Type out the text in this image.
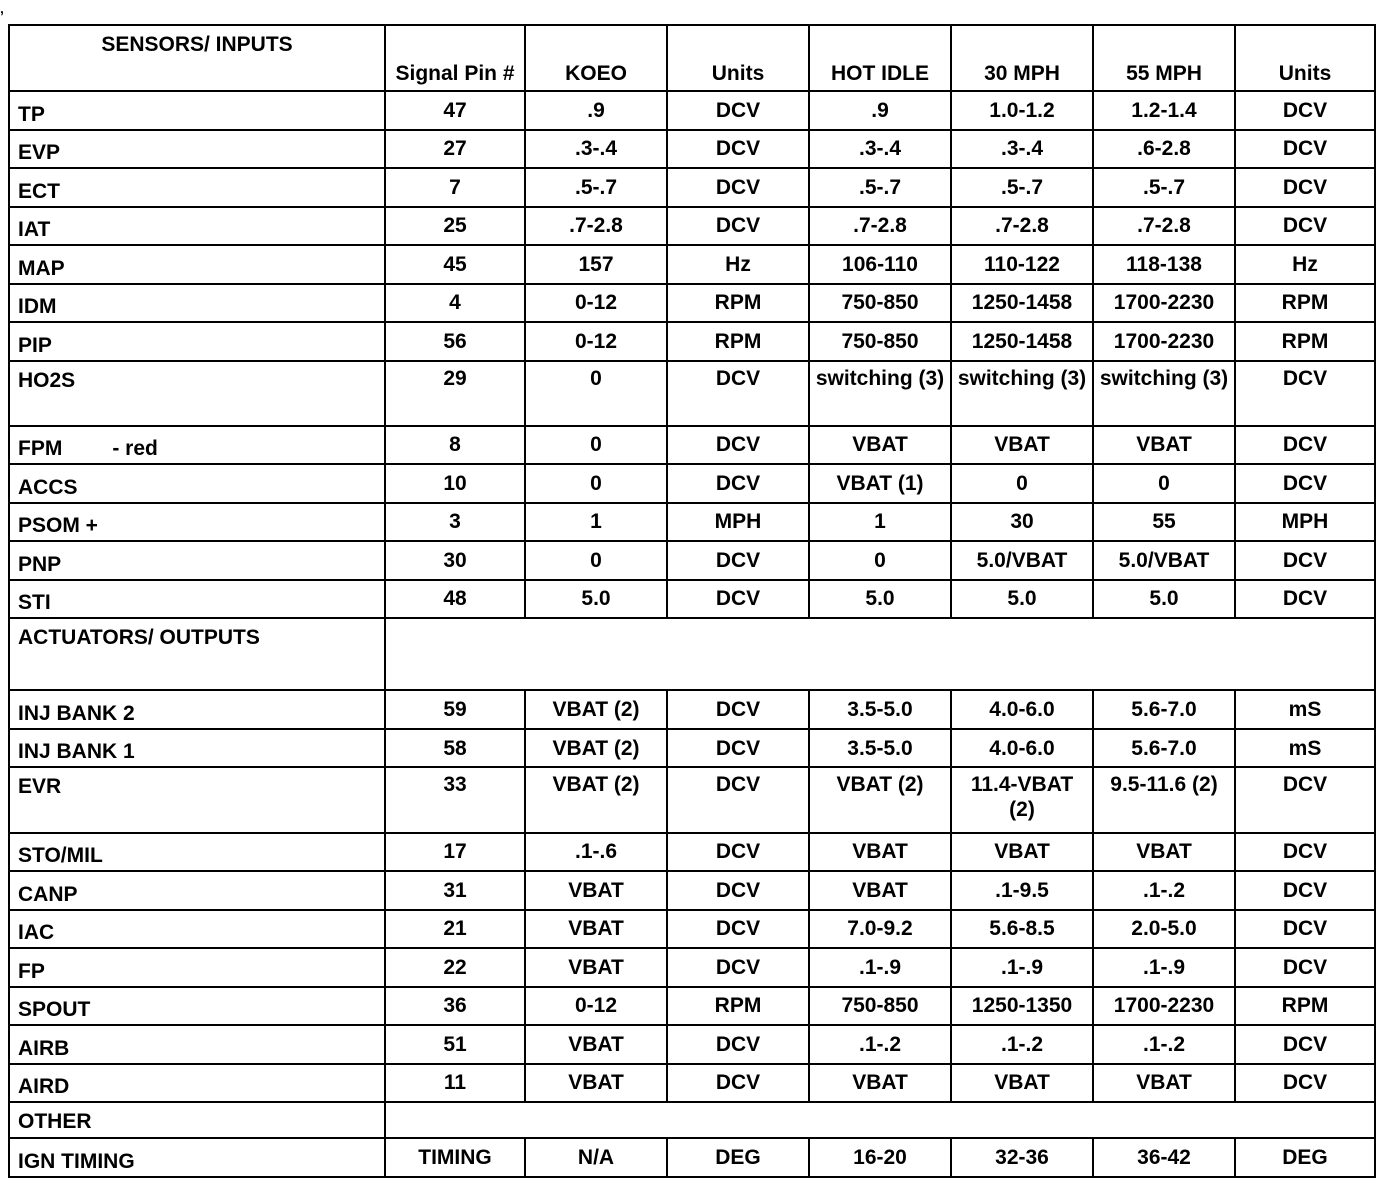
‚
SENSORS/ INPUTS	Signal Pin #	KOEO	Units	HOT IDLE	30 MPH	55 MPH	Units
TP	47	.9	DCV	.9	1.0-1.2	1.2-1.4	DCV
EVP	27	.3-.4	DCV	.3-.4	.3-.4	.6-2.8	DCV
ECT	7	.5-.7	DCV	.5-.7	.5-.7	.5-.7	DCV
IAT	25	.7-2.8	DCV	.7-2.8	.7-2.8	.7-2.8	DCV
MAP	45	157	Hz	106-110	110-122	118-138	Hz
IDM	4	0-12	RPM	750-850	1250-1458	1700-2230	RPM
PIP	56	0-12	RPM	750-850	1250-1458	1700-2230	RPM
HO2S	29	0	DCV	switching (3)	switching (3)	switching (3)	DCV
FPM - red	8	0	DCV	VBAT	VBAT	VBAT	DCV
ACCS	10	0	DCV	VBAT (1)	0	0	DCV
PSOM +	3	1	MPH	1	30	55	MPH
PNP	30	0	DCV	0	5.0/VBAT	5.0/VBAT	DCV
STI	48	5.0	DCV	5.0	5.0	5.0	DCV
ACTUATORS/ OUTPUTS							
INJ BANK 2	59	VBAT (2)	DCV	3.5-5.0	4.0-6.0	5.6-7.0	mS
INJ BANK 1	58	VBAT (2)	DCV	3.5-5.0	4.0-6.0	5.6-7.0	mS
EVR	33	VBAT (2)	DCV	VBAT (2)	11.4-VBAT (2)	9.5-11.6 (2)	DCV
STO/MIL	17	.1-.6	DCV	VBAT	VBAT	VBAT	DCV
CANP	31	VBAT	DCV	VBAT	.1-9.5	.1-.2	DCV
IAC	21	VBAT	DCV	7.0-9.2	5.6-8.5	2.0-5.0	DCV
FP	22	VBAT	DCV	.1-.9	.1-.9	.1-.9	DCV
SPOUT	36	0-12	RPM	750-850	1250-1350	1700-2230	RPM
AIRB	51	VBAT	DCV	.1-.2	.1-.2	.1-.2	DCV
AIRD	11	VBAT	DCV	VBAT	VBAT	VBAT	DCV
OTHER							
IGN TIMING	TIMING	N/A	DEG	16-20	32-36	36-42	DEG
